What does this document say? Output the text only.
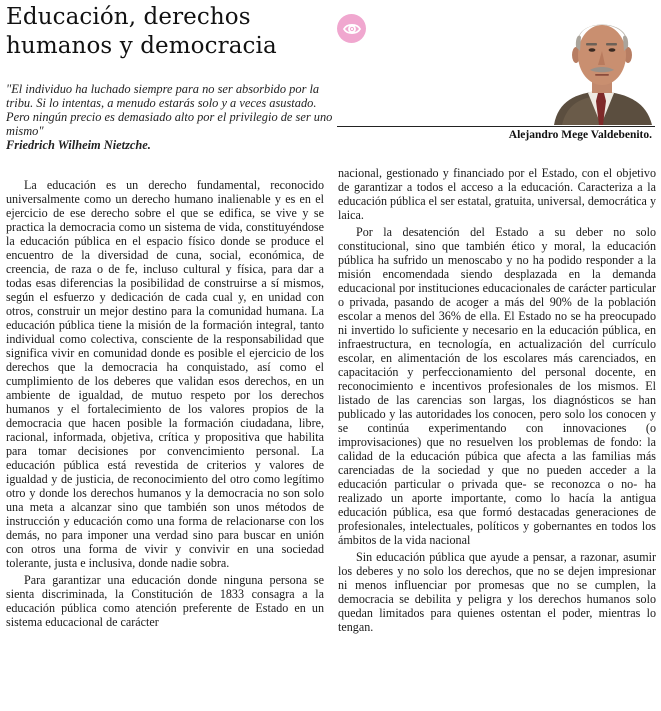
Educación, derechos humanos y democracia
Alejandro Mege Valdebenito.
"El individuo ha luchado siempre para no ser absorbido por la tribu. Si lo intentas, a menudo estarás solo y a veces asustado. Pero ningún precio es demasiado alto por el privilegio de ser uno mismo"
Friedrich Wilheim Nietzche.

La educación es un derecho fundamental, reconocido universalmente como un derecho humano inalienable y es en el ejercicio de ese derecho sobre el que se edifica, se vive y se practica la democracia como un sistema de vida, constituyéndose la educación pública en el espacio físico donde se produce el encuentro de la diversidad de cuna, social, económica, de creencia, de raza o de fe, incluso cultural y física, para dar a todas esas diferencias la posibilidad de construirse a sí mismos, según el esfuerzo y dedicación de cada cual y, en unidad con otros, construir un mejor destino para la comunidad humana. La educación pública tiene la misión de la formación integral, tanto individual como colectiva, consciente de la responsabilidad que significa vivir en comunidad donde es posible el ejercicio de los derechos que la democracia ha conquistado, así como el cumplimiento de los deberes que validan esos derechos, en un ambiente de igualdad, de mutuo respeto por los derechos humanos y el fortalecimiento de los valores propios de la democracia que hacen posible la formación ciudadana, libre, racional, informada, objetiva, crítica y propositiva que habilita para tomar decisiones por convencimiento personal. La educación pública está revestida de criterios y valores de igualdad y de justicia, de reconocimiento del otro como legítimo otro y donde los derechos humanos y la democracia no son solo una meta a alcanzar sino que también son unos métodos de instrucción y educación como una forma de relacionarse con los demás, no para imponer una verdad sino para buscar en unión con otros una forma de vivir y convivir en una sociedad tolerante, justa e inclusiva, donde nadie sobra.

Para garantizar una educación donde ninguna persona se sienta discriminada, la Constitución de 1833 consagra a la educación pública como atención preferente de Estado en un sistema educacional de carácter

nacional, gestionado y financiado por el Estado, con el objetivo de garantizar a todos el acceso a la educación. Caracteriza a la educación pública el ser estatal, gratuita, universal, democrática y laica.

Por la desatención del Estado a su deber no solo constitucional, sino que también ético y moral, la educación pública ha sufrido un menoscabo y no ha podido responder a la misión encomendada siendo desplazada en la demanda educacional por instituciones educacionales de carácter particular o privada, pasando de acoger a más del 90% de la población escolar a menos del 36% de ella. El Estado no se ha preocupado ni invertido lo suficiente y necesario en la educación pública, en infraestructura, en tecnología, en actualización del currículo escolar, en alimentación de los escolares más carenciados, en capacitación y perfeccionamiento del personal docente, en reconocimiento e incentivos profesionales de los mismos. El listado de las carencias son largas, los diagnósticos se han publicado y las autoridades los conocen, pero solo los conocen y se continúa experimentando con innovaciones (o improvisaciones) que no resuelven los problemas de fondo: la calidad de la educación púbica que afecta a las familias más carenciadas de la sociedad y que no pueden acceder a la educación particular o privada que- se reconozca o no- ha realizado un aporte importante, como lo hacía la antigua educación pública, esa que formó destacadas generaciones de profesionales, intelectuales, políticos y gobernantes en todos los ámbitos de la vida nacional

Sin educación pública que ayude a pensar, a razonar, asumir los deberes y no solo los derechos, que no se dejen impresionar ni menos influenciar por promesas que no se cumplen, la democracia se debilita y peligra y los derechos humanos solo quedan limitados para quienes ostentan el poder, mientras lo tengan.
